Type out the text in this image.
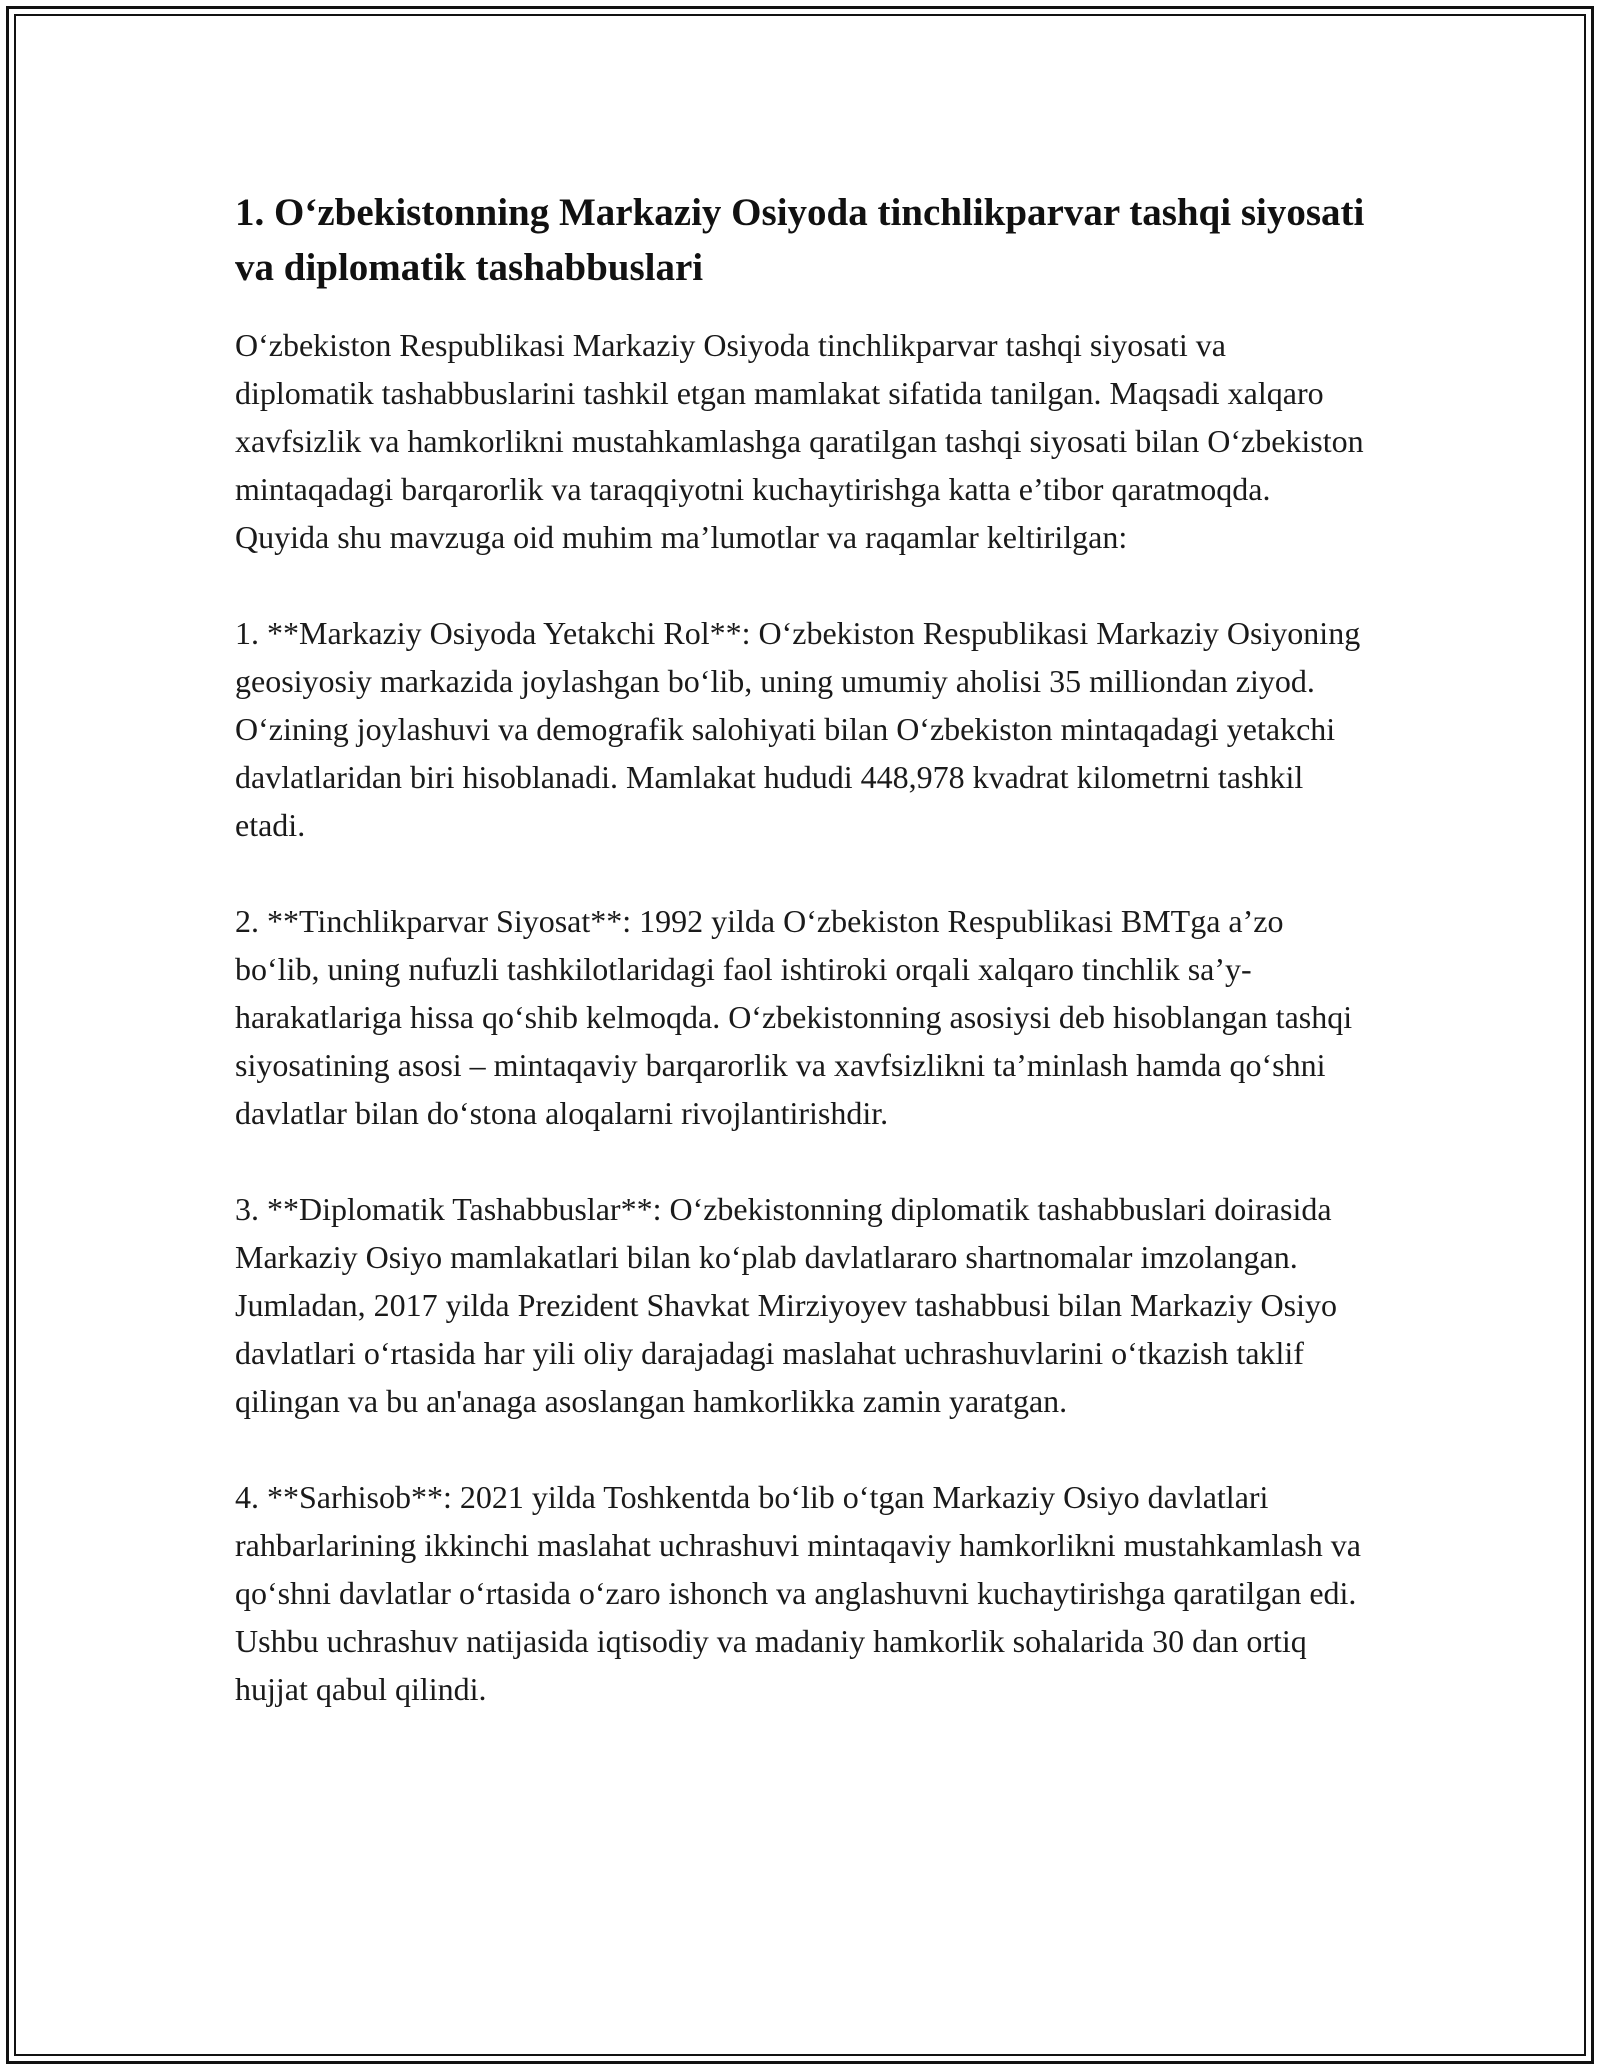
1. O‘zbekistonning Markaziy Osiyoda tinchlikparvar tashqi siyosati va diplomatik tashabbuslari

O‘zbekiston Respublikasi Markaziy Osiyoda tinchlikparvar tashqi siyosati va diplomatik tashabbuslarini tashkil etgan mamlakat sifatida tanilgan. Maqsadi xalqaro xavfsizlik va hamkorlikni mustahkamlashga qaratilgan tashqi siyosati bilan O‘zbekiston mintaqadagi barqarorlik va taraqqiyotni kuchaytirishga katta e’tibor qaratmoqda. Quyida shu mavzuga oid muhim ma’lumotlar va raqamlar keltirilgan:

1. **Markaziy Osiyoda Yetakchi Rol**: O‘zbekiston Respublikasi Markaziy Osiyoning geosiyosiy markazida joylashgan bo‘lib, uning umumiy aholisi 35 milliondan ziyod. O‘zining joylashuvi va demografik salohiyati bilan O‘zbekiston mintaqadagi yetakchi davlatlaridan biri hisoblanadi. Mamlakat hududi 448,978 kvadrat kilometrni tashkil etadi.

2. **Tinchlikparvar Siyosat**: 1992 yilda O‘zbekiston Respublikasi BMTga a’zo bo‘lib, uning nufuzli tashkilotlaridagi faol ishtiroki orqali xalqaro tinchlik sa’y-harakatlariga hissa qo‘shib kelmoqda. O‘zbekistonning asosiysi deb hisoblangan tashqi siyosatining asosi – mintaqaviy barqarorlik va xavfsizlikni ta’minlash hamda qo‘shni davlatlar bilan do‘stona aloqalarni rivojlantirishdir.

3. **Diplomatik Tashabbuslar**: O‘zbekistonning diplomatik tashabbuslari doirasida Markaziy Osiyo mamlakatlari bilan ko‘plab davlatlararo shartnomalar imzolangan. Jumladan, 2017 yilda Prezident Shavkat Mirziyoyev tashabbusi bilan Markaziy Osiyo davlatlari o‘rtasida har yili oliy darajadagi maslahat uchrashuvlarini o‘tkazish taklif qilingan va bu an'anaga asoslangan hamkorlikka zamin yaratgan.

4. **Sarhisob**: 2021 yilda Toshkentda bo‘lib o‘tgan Markaziy Osiyo davlatlari rahbarlarining ikkinchi maslahat uchrashuvi mintaqaviy hamkorlikni mustahkamlash va qo‘shni davlatlar o‘rtasida o‘zaro ishonch va anglashuvni kuchaytirishga qaratilgan edi. Ushbu uchrashuv natijasida iqtisodiy va madaniy hamkorlik sohalarida 30 dan ortiq hujjat qabul qilindi.
